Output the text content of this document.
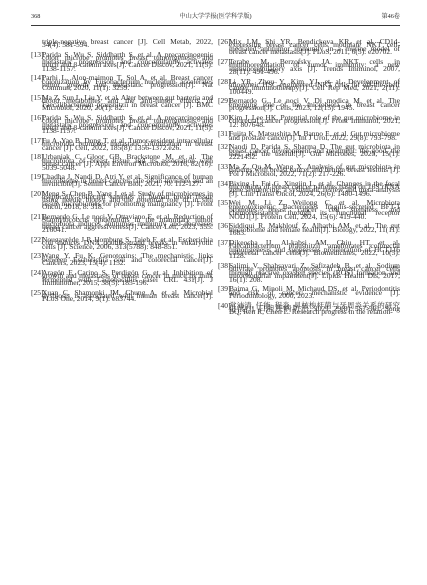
368	中山大学学报(医学科学版)	第46卷
triple-negative breast cancer [J]. Cell Metab, 2022, 34(4): 581-594.
[13]
Parida S, Wu S, Siddharth S, et al. A procarcinogenic colon microbe promotes breast tumorigenesis and metastatic progression and concomitantly activates notch and β-catenin axes[J]. Cancer Discov, 2021, 11(5): 1138-1157.
[14]
Parhi L, Alon-maimon T, Sol A, et al. Breast cancer colonization by Fusobacterium nucleatum accelerates tumor growth and metastatic progression[J]. Nat Commun, 2020, 11(1): 3259.
[15]
Ma Z, Sun L, Liu Y, et al. Alter between gut bacteria and blood metabolites and the anti-tumor effects of Faecalibacterium prausnitzii in breast cancer [J]. BMC Microbiol, 2020, 20(1): 82.
[16]
Parida S, Wu S, Siddharth S, et al. A procarcinogenic colon microbe promotes breast tumorigenesis and metastatic progression and concomitantly activates notch and β-catenin axes[J]. Cancer Discov, 2021, 11(5): 1138-1157.
[17]
Fu A, Yao B, Dong T, et al. Tumor-resident intracellular microbiota promotes metastatic colonization in breast cancer [J]. Cell, 2022, 185(8): 1356-1372.e26.
[18]
Urbaniak C, Gloor GB, Brackstone M, et al. The microbiota of breast tissue and its association with breast cancer [J]. Appl Environ Microbiol, 2016, 82(16): 5039-5048.
[19]
Chadha J, Nandi D, Atri Y, et al. Significance of human microbiome in breast cancer: tale of an invisible and an invincible[J]. Semin Cancer Biol, 2021, 70: 112-127.
[20]
Meng S, Chen B, Yang J, et al. Study of microbiomes in aseptically collected samples of human breast tissue using needle biopsy and the potential role of in situ tissue microbiomes for promoting malignancy [J]. Front Oncol, 2018, 8: 318.
[21]
Bernardo G, Le noci V, Ottaviano E, et al. Reduction of Staphylococcus epidermidis in the mammary tumor microbiota induces antitumor immunity and decreases breast cancer aggressiveness[J]. Cancer Lett, 2023, 555: 216041.
[22]
Nougayrède J P, Homburg S, Taieb F, et al. Escherichia coli induces DNA double-strand breaks in eukaryotic cells [J]. Science, 2006, 313(5788): 848-851.
[23]
Wang Y, Fu K. Genotoxins: The mechanistic links between Escherichia coli and colorectal cancer[J]. Cancers, 2023, 15(4): 1152.
[24]
Aragón F, Carino S, Perdigón G, et al. Inhibition of growth and metastasis of breast cancer in mice by milk fermented with Lactobacillus casei CRL 431[J]. J Immunother, 2015, 38(5): 185-196.
[25]
Xuan C, Shamonki JM, Chung A, et al. Microbial dysbiosis is associated with human breast cancer[J]. PLoS One, 2014, 9(1): e83744.
[26]
Mix LM, Shi YR, Bendickova KR, et al. CD1d-expressing breast cancer cells modulate NKT cell-mediated antitumor immunity in a murine model of breast cancer metastasis[J]. PLoS, 2011, 6(5): e20702.
[27]
Terabe M, Berzofsky JA. NKT cells in immunoregulation of tumor immunity: a new immunoregulatory axis [J]. Trends Immunol, 2007, 28(11): 491-496.
[28]
Li YR, Zhou Y, Kim YJ, et al. Development of allogeneic HSC-engineered iNKT cells for off-the-shelf cancer immunotherapy[J]. Cell Rep Med, 2021, 2(11): 100449.
[29]
Bernardo G, Le noci V, Di modica M, et al. The emerging role of the microbiota in breast cancer progression[J]. Cells, 2023, 12(15): 1945.
[30]
Kim J, Lee HK. Potential role of the gut microbiome in colorectal cancer progression[J]. Front Immunol, 2021, 12: 807648.
[31]
Fujita K, Matsushita M, Banno E, et al. Gut microbiome and prostate cancer[J]. Int J Urol, 2022, 29(8): 793-798.
[32]
Nandi D, Parida S, Sharma D. The gut microbiota in breast cancer development and treatment: the good, the bad, and the useful![J]. Gut Microbes, 2023, 15(1): 2221452.
[33]
Ma Z, Qu M, Wang X. Analysis of gut microbiota in patients with breast cancer and benign breast lesions [J]. Pol J Microbiol, 2022, 71(2): 217-226.
[34]
Bixing L, Fei G, Xingjin L, et al. Changes in the fecal microbiota of breast cancer patients based on 16S rRNA gene sequencing: a systematic review and meta-analysis [J]. Clin Transl Oncol, 2024, 26(6): 1480-1496.
[35]
Wei M, Li Z, Weilong C, et al. Microbiota enterotoxigenic Bacteroides fragilis-secreted BFT-1 promotes breast cancer cell stemness and chemoresistance through its functional receptor NOD1[J]. Protein Cell, 2024, 15(6): 419-440.
[36]
Siddiqui R, Makhlouf Z, Alharbi AM, et al. The gut microbiome and female health[J]. Biology, 2022, 11(11): 1683.
[37]
Dikeocha IJ, Al-kabsi AM, Chiu HT, et al. Faecalibacterium prausnitzii ameliorates colorectal tumorigenesis and suppresses proliferation of HCT116 colorectal cancer cells[J]. Biomedicines, 2022, 10(5): 1128.
[38]
Salimi V, Shahsavari Z, Safizadeh B, et al. Sodium butyrate promotes apoptosis in breast cancer cells through reactive oxygen species (ROS) formation and mitochondrial impairment[J]. Lipids Health Dis, 2017, 16(1): 208.
[39]
Baima G, Minoli M, Michaud DS, et al. Periodontitis and risk of cancer: mechanistic evidence [J]. Periodontology, 2000, 2023.
[40]
常沛清, 任能, 程淼. 具核梭杆菌与牙周炎关系的研究进展[J]. 口腔疾病防治, 2021, 29(8): 557-561. Song BQ, Ren R, Chen L. Research progress in the relation-
